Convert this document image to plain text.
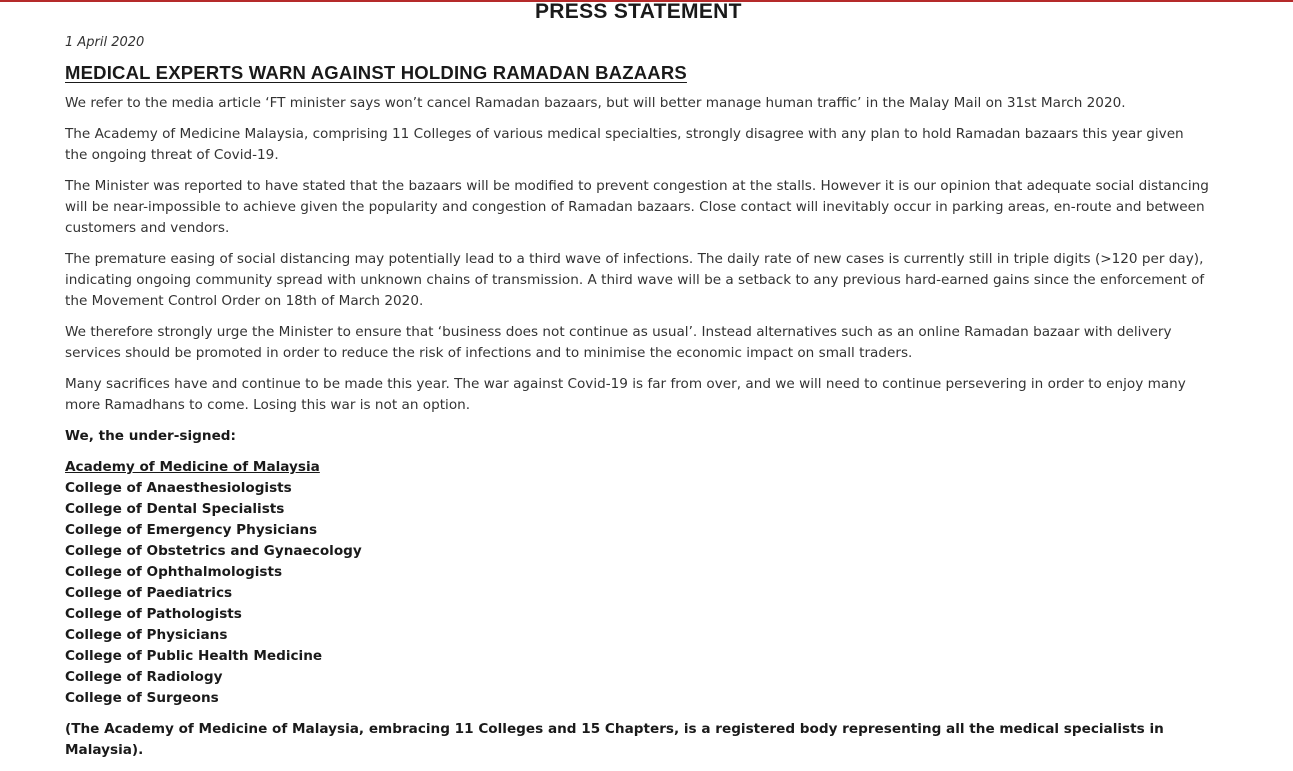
PRESS STATEMENT
1 April 2020
MEDICAL EXPERTS WARN AGAINST HOLDING RAMADAN BAZAARS

We refer to the media article ‘FT minister says won’t cancel Ramadan bazaars, but will better manage human traffic’ in the Malay Mail on 31st March 2020.

The Academy of Medicine Malaysia, comprising 11 Colleges of various medical specialties, strongly disagree with any plan to hold Ramadan bazaars this year given the ongoing threat of Covid-19.

The Minister was reported to have stated that the bazaars will be modified to prevent congestion at the stalls. However it is our opinion that adequate social distancing will be near-impossible to achieve given the popularity and congestion of Ramadan bazaars. Close contact will inevitably occur in parking areas, en-route and between customers and vendors.

The premature easing of social distancing may potentially lead to a third wave of infections. The daily rate of new cases is currently still in triple digits (>120 per day), indicating ongoing community spread with unknown chains of transmission. A third wave will be a setback to any previous hard-earned gains since the enforcement of the Movement Control Order on 18th of March 2020.

We therefore strongly urge the Minister to ensure that ‘business does not continue as usual’. Instead alternatives such as an online Ramadan bazaar with delivery services should be promoted in order to reduce the risk of infections and to minimise the economic impact on small traders.

Many sacrifices have and continue to be made this year. The war against Covid-19 is far from over, and we will need to continue persevering in order to enjoy many more Ramadhans to come. Losing this war is not an option.

We, the under-signed:

Academy of Medicine of Malaysia
College of Anaesthesiologists
College of Dental Specialists
College of Emergency Physicians
College of Obstetrics and Gynaecology
College of Ophthalmologists
College of Paediatrics
College of Pathologists
College of Physicians
College of Public Health Medicine
College of Radiology
College of Surgeons

(The Academy of Medicine of Malaysia, embracing 11 Colleges and 15 Chapters, is a registered body representing all the medical specialists in Malaysia).
